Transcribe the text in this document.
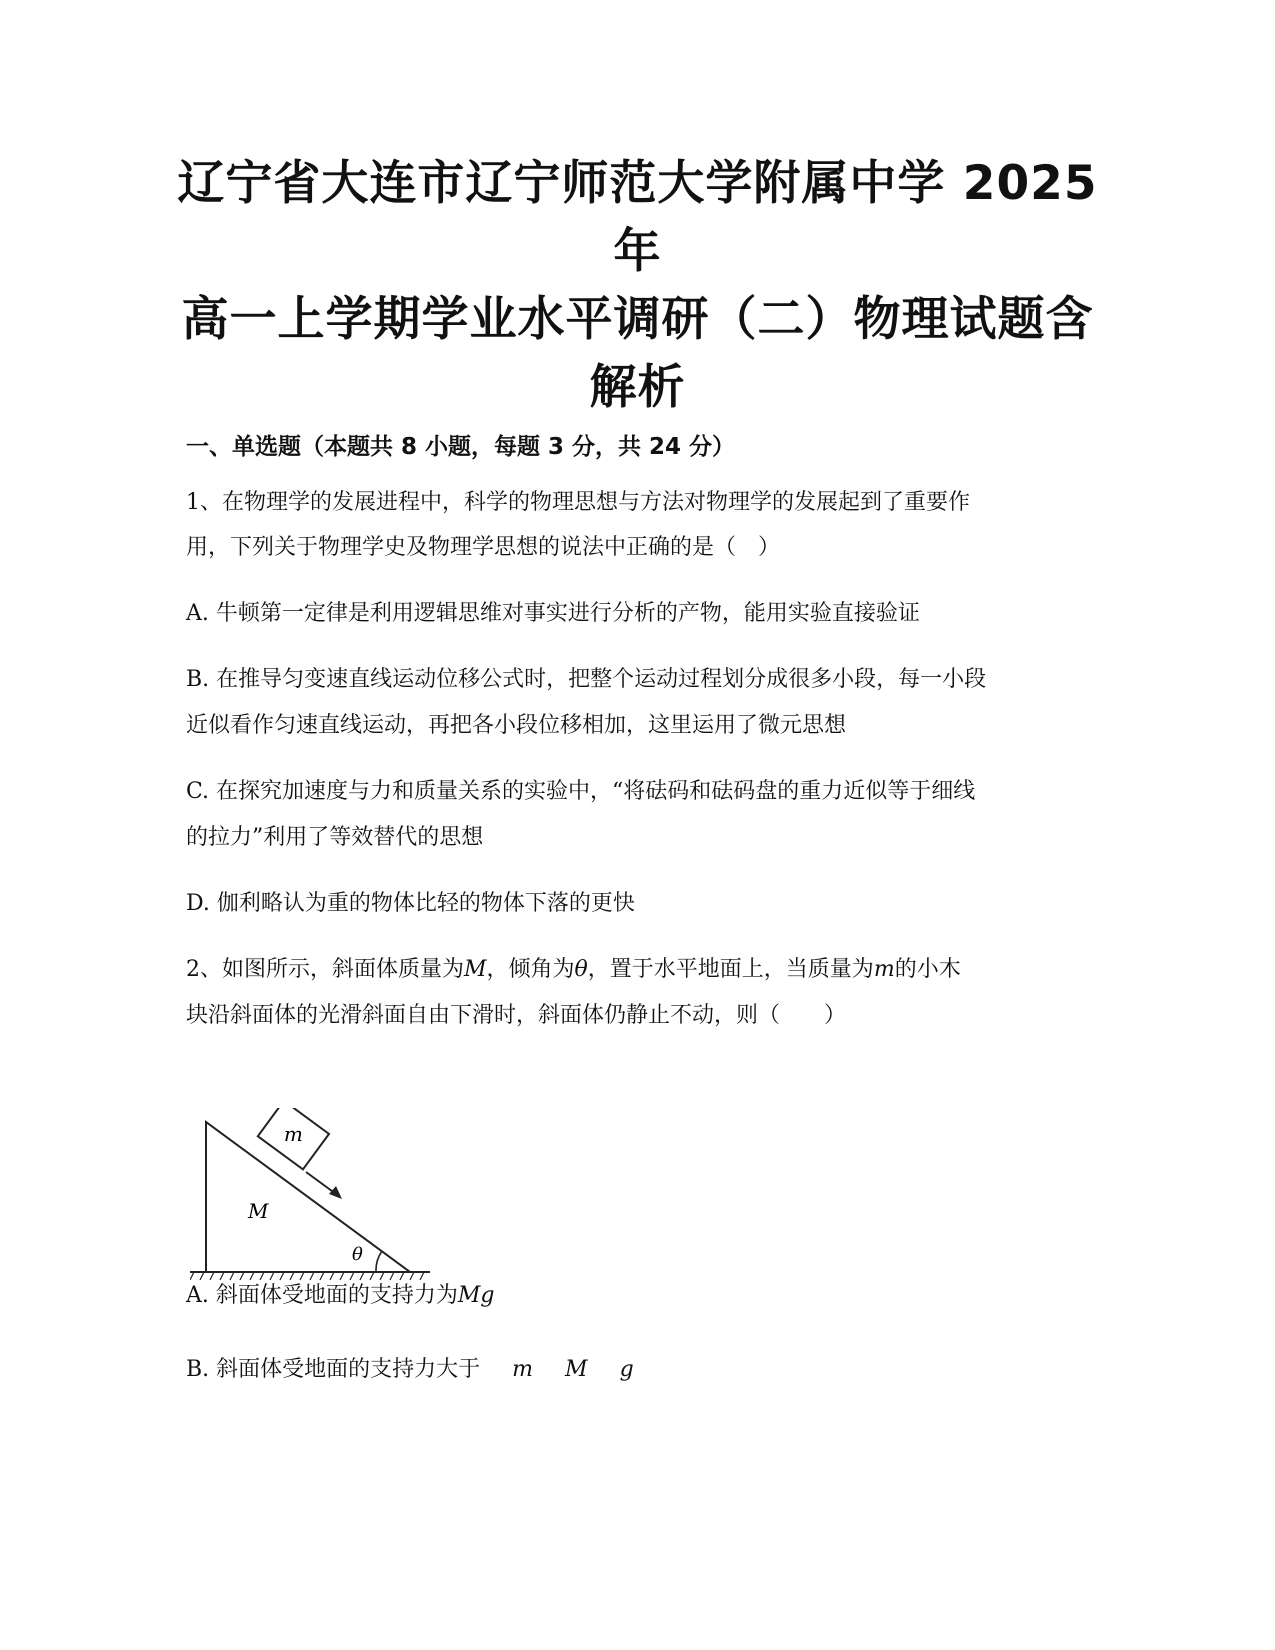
辽宁省大连市辽宁师范大学附属中学 2025 年
高一上学期学业水平调研（二）物理试题含
解析
一、单选题（本题共 8 小题，每题 3 分，共 24 分）
1、在物理学的发展进程中，科学的物理思想与方法对物理学的发展起到了重要作
用，下列关于物理学史及物理学思想的说法中正确的是（　）
A. 牛顿第一定律是利用逻辑思维对事实进行分析的产物，能用实验直接验证
B. 在推导匀变速直线运动位移公式时，把整个运动过程划分成很多小段，每一小段
近似看作匀速直线运动，再把各小段位移相加，这里运用了微元思想
C. 在探究加速度与力和质量关系的实验中，“将砝码和砝码盘的重力近似等于细线
的拉力”利用了等效替代的思想
D. 伽利略认为重的物体比轻的物体下落的更快
2、如图所示，斜面体质量为M，倾角为θ，置于水平地面上，当质量为m的小木
块沿斜面体的光滑斜面自由下滑时，斜面体仍静止不动，则（　　）
m
M
θ
A. 斜面体受地面的支持力为Mg
B. 斜面体受地面的支持力大于 m M g
